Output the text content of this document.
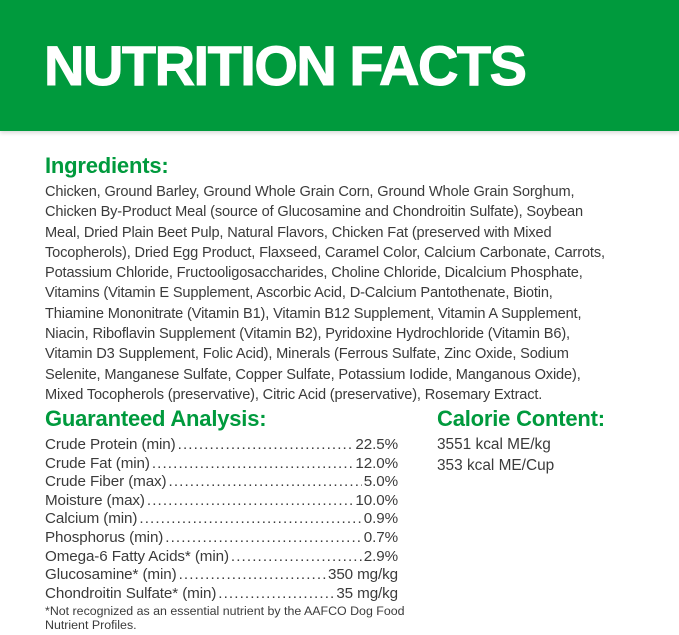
NUTRITION FACTS
Ingredients:
Chicken, Ground Barley, Ground Whole Grain Corn, Ground Whole Grain Sorghum,
Chicken By-Product Meal (source of Glucosamine and Chondroitin Sulfate), Soybean
Meal, Dried Plain Beet Pulp, Natural Flavors, Chicken Fat (preserved with Mixed
Tocopherols), Dried Egg Product, Flaxseed, Caramel Color, Calcium Carbonate, Carrots,
Potassium Chloride, Fructooligosaccharides, Choline Chloride, Dicalcium Phosphate,
Vitamins (Vitamin E Supplement, Ascorbic Acid, D-Calcium Pantothenate, Biotin,
Thiamine Mononitrate (Vitamin B1), Vitamin B12 Supplement, Vitamin A Supplement,
Niacin, Riboflavin Supplement (Vitamin B2), Pyridoxine Hydrochloride (Vitamin B6),
Vitamin D3 Supplement, Folic Acid), Minerals (Ferrous Sulfate, Zinc Oxide, Sodium
Selenite, Manganese Sulfate, Copper Sulfate, Potassium Iodide, Manganous Oxide),
Mixed Tocopherols (preservative), Citric Acid (preservative), Rosemary Extract.
Guaranteed Analysis:
Crude Protein (min) .....	22.5%
Crude Fat (min) .....	12.0%
Crude Fiber (max) .....	5.0%
Moisture (max) .....	10.0%
Calcium (min) .....	0.9%
Phosphorus (min) .....	0.7%
Omega-6 Fatty Acids* (min) .....	2.9%
Glucosamine* (min) .....	350 mg/kg
Chondroitin Sulfate* (min) .....	35 mg/kg
*Not recognized as an essential nutrient by the AAFCO Dog Food
Nutrient Profiles.
Calorie Content:
3551 kcal ME/kg
353 kcal ME/Cup
